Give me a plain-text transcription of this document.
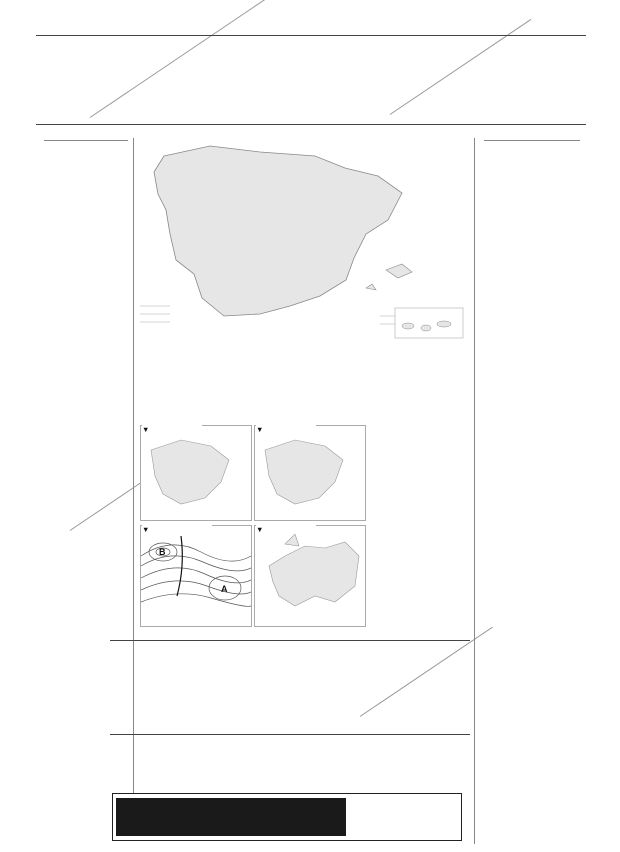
▼	▼
B
A
▼	▼
